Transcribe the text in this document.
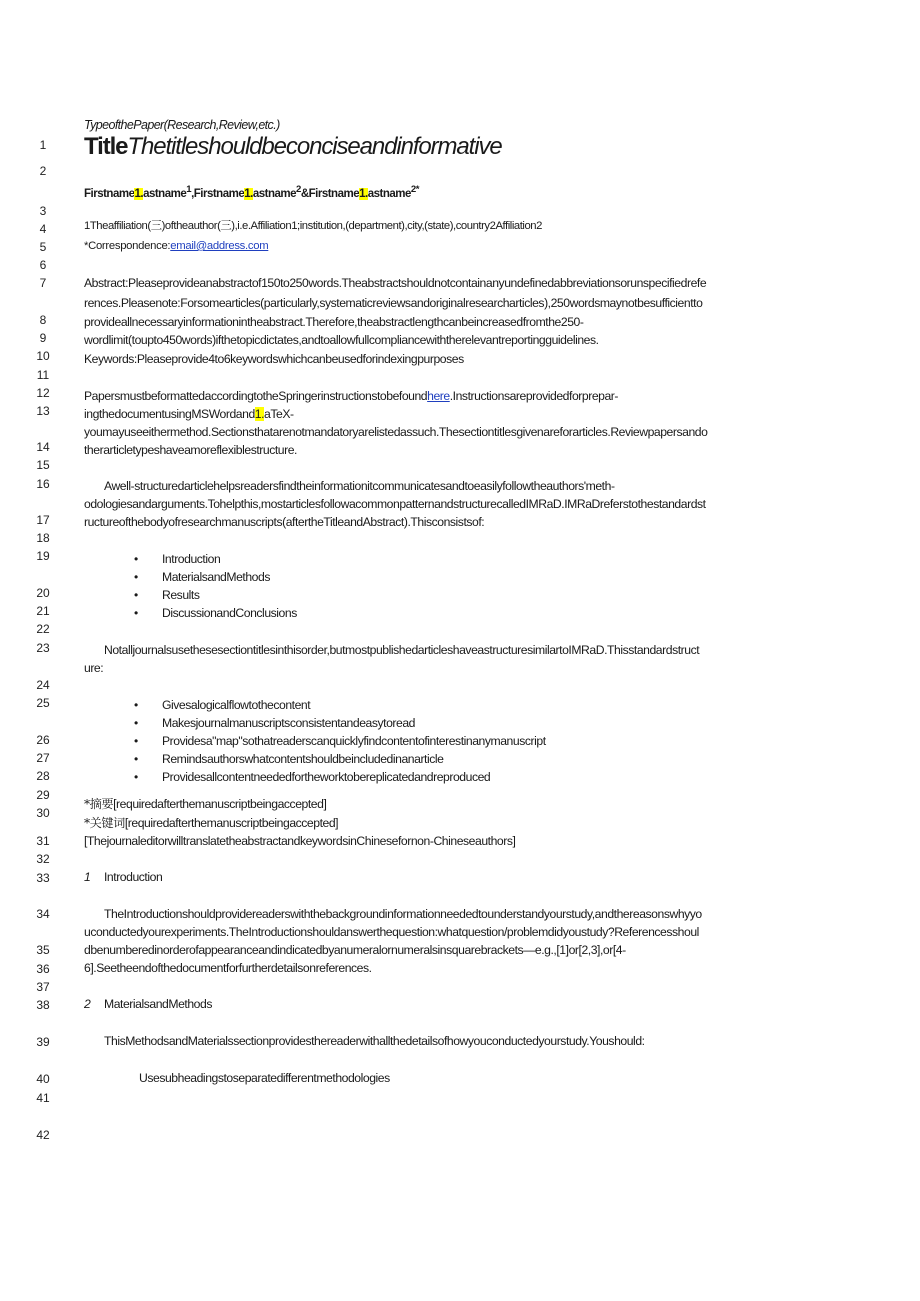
1
2
3
4
5
6
7
8
9
10
11
12
13
14
15
16
17
18
19
20
21
22
23
24
25
26
27
28
29
30
31
32
33
34
35
36
37
38
39
40
41
42
TypeofthePaper(Research,Review,etc.)
TitleThetitleshouldbeconciseandinformative
Firstname1.astname$^1$,Firstname1.astname$^2$&Firstname1.astname$^{2*}$
1Theaffiliation(三)oftheauthor(三),i.e.Affiliation1;institution,(department),city,(state),country2Affiliation2
*Correspondence:email@address.com
Abstract:Pleaseprovideanabstractof150to250words.Theabstractshouldnotcontainanyundefinedabbreviationsorunspecifiedrefe
rences.Pleasenote:Forsomearticles(particularly,systematicreviewsandoriginalresearcharticles),250wordsmaynotbesufficientto
provideallnecessaryinformationintheabstract.Therefore,theabstractlengthcanbeincreasedfromthe250-
wordlimit(toupto450words)ifthetopicdictates,andtoallowfullcompliancewiththerelevantreportingguidelines.
Keywords:Pleaseprovide4to6keywordswhichcanbeusedforindexingpurposes
PapersmustbeformattedaccordingtotheSpringerinstructionstobefoundhere.Instructionsareprovidedforprepar-
ingthedocumentusingMSWordand1.aTeX-
youmayuseeithermethod.Sectionsthatarenotmandatoryarelistedassuch.Thesectiontitlesgivenareforarticles.Reviewpapersando
therarticletypeshaveamoreflexiblestructure.
Awell-structuredarticlehelpsreadersfindtheinformationitcommunicatesandtoeasilyfollowtheauthors'meth-
odologiesandarguments.Tohelpthis,mostarticlesfollowacommonpatternandstructurecalledIMRaD.IMRaDreferstothestandardst
ructureofthebodyofresearchmanuscripts(aftertheTitleandAbstract).Thisconsistsof:
• Introduction
• MaterialsandMethods
• Results
• DiscussionandConclusions
Notalljournalsusethesesectiontitlesinthisorder,butmostpublishedarticleshaveastructuresimilartoIMRaD.Thisstandardstruct
ure:
• Givesalogicalflowtothecontent
• Makesjournalmanuscriptsconsistentandeasytoread
• Providesa"map"sothatreaderscanquicklyfindcontentofinterestinanymanuscript
• Remindsauthorswhatcontentshouldbeincludedinanarticle
• Providesallcontentneededfortheworktobereplicatedandreproduced
*摘要[requiredafterthemanuscriptbeingaccepted]
*关键词[requiredafterthemanuscriptbeingaccepted]
[ThejournaleditorwilltranslatetheabstractandkeywordsinChinesefornon-Chineseauthors]
1 Introduction
TheIntroductionshouldprovidereaderswiththebackgroundinformationneededtounderstandyourstudy,andthereasonswhyyo
uconductedyourexperiments.TheIntroductionshouldanswerthequestion:whatquestion/problemdidyoustudy?Referencesshoul
dbenumberedinorderofappearanceandindicatedbyanumeralornumeralsinsquarebrackets—e.g.,[1]or[2,3],or[4-
6].Seetheendofthedocumentforfurtherdetailsonreferences.
2 MaterialsandMethods
ThisMethodsandMaterialssectionprovidesthereaderwithallthedetailsofhowyouconductedyourstudy.Youshould:
Usesubheadingstoseparatedifferentmethodologies
